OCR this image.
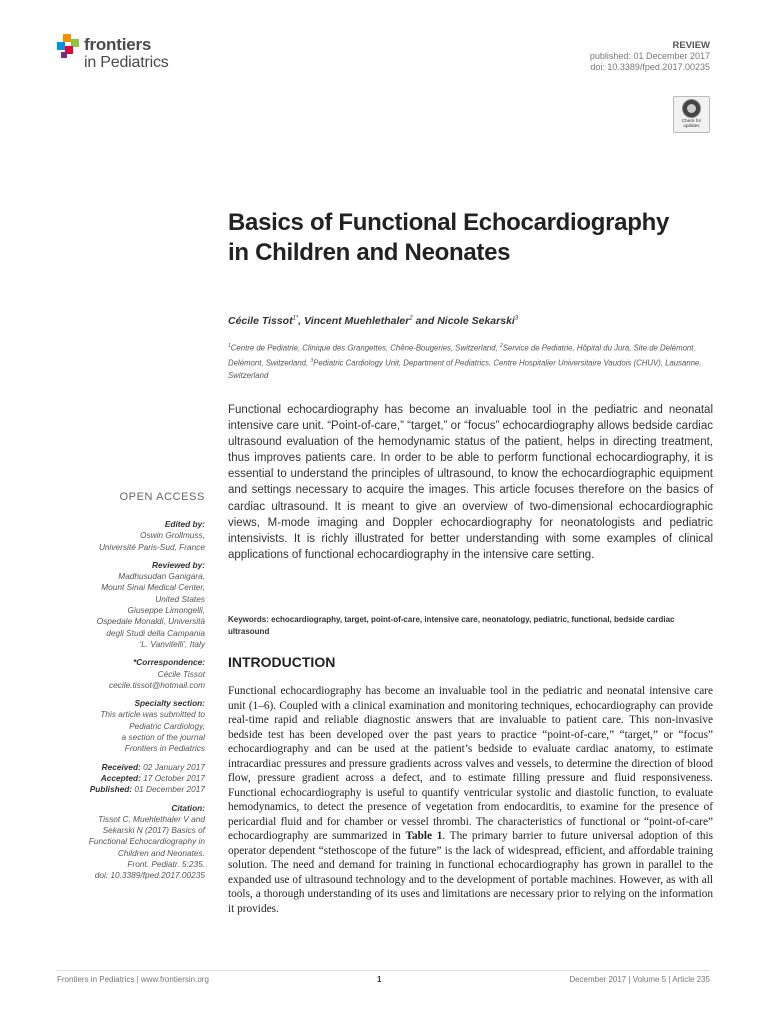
frontiers
in Pediatrics
REVIEW
published: 01 December 2017
doi: 10.3389/fped.2017.00235
Check for updates
Basics of Functional Echocardiography in Children and Neonates
Cécile Tissot$^{1*}$, Vincent Muehlethaler$^2$ and Nicole Sekarski$^3$
$^1$Centre de Pediatrie, Clinique des Grangettes, Chêne-Bougeries, Switzerland, $^2$Service de Pediatrie, Hôpital du Jura, Site de Delémont, Delémont, Switzerland, $^3$Pediatric Cardiology Unit, Department of Pediatrics, Centre Hospitalier Universitaire Vaudois (CHUV), Lausanne, Switzerland
Functional echocardiography has become an invaluable tool in the pediatric and neonatal intensive care unit. “Point-of-care,” “target,” or “focus” echocardiography allows bedside cardiac ultrasound evaluation of the hemodynamic status of the patient, helps in directing treatment, thus improves patients care. In order to be able to perform functional echocardiography, it is essential to understand the principles of ultrasound, to know the echocardiographic equipment and settings necessary to acquire the images. This article focuses therefore on the basics of cardiac ultrasound. It is meant to give an overview of two-dimensional echocardiographic views, M-mode imaging and Doppler echocardiography for neonatologists and pediatric intensivists. It is richly illustrated for better understanding with some examples of clinical applications of functional echocardiography in the intensive care setting.
Keywords: echocardiography, target, point-of-care, intensive care, neonatology, pediatric, functional, bedside cardiac ultrasound
INTRODUCTION
Functional echocardiography has become an invaluable tool in the pediatric and neonatal intensive care unit (1–6). Coupled with a clinical examination and monitoring techniques, echocardiography can provide real-time rapid and reliable diagnostic answers that are invaluable to patient care. This non-invasive bedside test has been developed over the past years to practice “point-of-care,” “target,” or “focus” echocardiography and can be used at the patient’s bedside to evaluate cardiac anatomy, to estimate intracardiac pressures and pressure gradients across valves and vessels, to determine the direction of blood flow, pressure gradient across a defect, and to estimate filling pressure and fluid responsiveness. Functional echocardiography is useful to quantify ventricular systolic and diastolic function, to evaluate hemodynamics, to detect the presence of vegetation from endocarditis, to examine for the presence of pericardial fluid and for chamber or vessel thrombi. The characteristics of functional or “point-of-care” echocardiography are summarized in Table 1. The primary barrier to future universal adoption of this operator dependent “stethoscope of the future” is the lack of widespread, efficient, and affordable training solution. The need and demand for training in functional echocardiography has grown in parallel to the expanded use of ultrasound technology and to the development of portable machines. However, as with all tools, a thorough understanding of its uses and limitations are necessary prior to relying on the information it provides.
OPEN ACCESS
Edited by:
Oswin Grollmuss,
Université Paris-Sud, France
Reviewed by:
Madhusudan Ganigara,
Mount Sinai Medical Center,
United States
Giuseppe Limongelli,
Ospedale Monaldi, Università
degli Studi della Campania
‘L. Vanvitelli’, Italy
*Correspondence:
Cécile Tissot
cecile.tissot@hotmail.com
Specialty section:
This article was submitted to
Pediatric Cardiology,
a section of the journal
Frontiers in Pediatrics
Received: 02 January 2017
Accepted: 17 October 2017
Published: 01 December 2017
Citation:
Tissot C, Muehlethaler V and
Sekarski N (2017) Basics of
Functional Echocardiography in
Children and Neonates.
Front. Pediatr. 5:235.
doi: 10.3389/fped.2017.00235
Frontiers in Pediatrics | www.frontiersin.org	1	December 2017 | Volume 5 | Article 235
